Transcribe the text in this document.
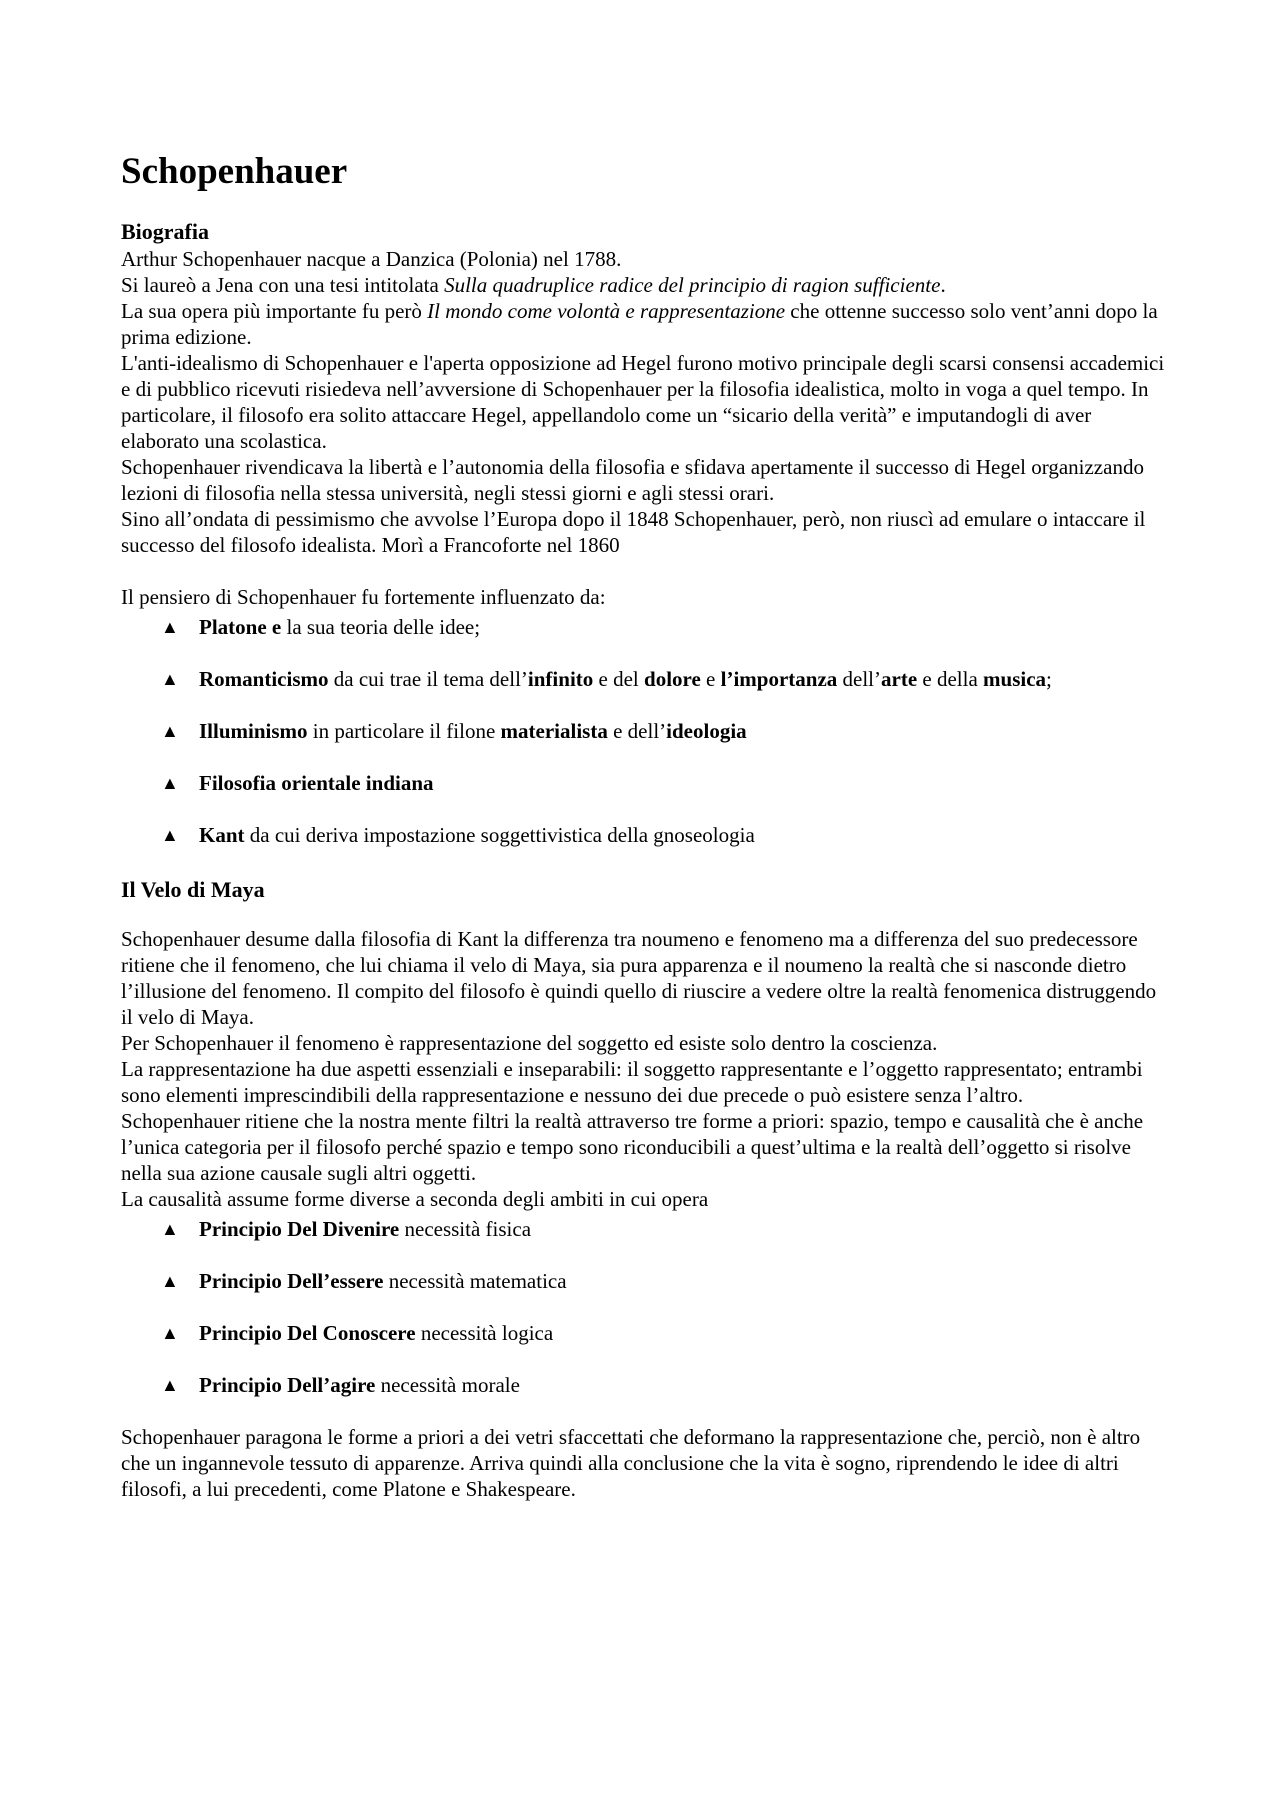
Schopenhauer
Biografia

Arthur Schopenhauer nacque a Danzica (Polonia) nel 1788.

Si laureò a Jena con una tesi intitolata Sulla quadruplice radice del principio di ragion sufficiente.

La sua opera più importante fu però Il mondo come volontà e rappresentazione che ottenne successo solo vent’anni dopo la prima edizione.

L'anti-idealismo di Schopenhauer e l'aperta opposizione ad Hegel furono motivo principale degli scarsi consensi accademici e di pubblico ricevuti risiedeva nell’avversione di Schopenhauer per la filosofia idealistica, molto in voga a quel tempo. In particolare, il filosofo era solito attaccare Hegel, appellandolo come un “sicario della verità” e imputandogli di aver elaborato una scolastica.

Schopenhauer rivendicava la libertà e l’autonomia della filosofia e sfidava apertamente il successo di Hegel organizzando lezioni di filosofia nella stessa università, negli stessi giorni e agli stessi orari.

Sino all’ondata di pessimismo che avvolse l’Europa dopo il 1848 Schopenhauer, però, non riuscì ad emulare o intaccare il successo del filosofo idealista. Morì a Francoforte nel 1860

Il pensiero di Schopenhauer fu fortemente influenzato da:

▲ Platone e la sua teoria delle idee;
▲ Romanticismo da cui trae il tema dell’infinito e del dolore e l’importanza dell’arte e della musica;
▲ Illuminismo in particolare il filone materialista e dell’ideologia
▲ Filosofia orientale indiana
▲ Kant da cui deriva impostazione soggettivistica della gnoseologia
Il Velo di Maya

Schopenhauer desume dalla filosofia di Kant la differenza tra noumeno e fenomeno ma a differenza del suo predecessore ritiene che il fenomeno, che lui chiama il velo di Maya, sia pura apparenza e il noumeno la realtà che si nasconde dietro l’illusione del fenomeno. Il compito del filosofo è quindi quello di riuscire a vedere oltre la realtà fenomenica distruggendo il velo di Maya.

Per Schopenhauer il fenomeno è rappresentazione del soggetto ed esiste solo dentro la coscienza.

La rappresentazione ha due aspetti essenziali e inseparabili: il soggetto rappresentante e l’oggetto rappresentato; entrambi sono elementi imprescindibili della rappresentazione e nessuno dei due precede o può esistere senza l’altro.

Schopenhauer ritiene che la nostra mente filtri la realtà attraverso tre forme a priori: spazio, tempo e causalità che è anche l’unica categoria per il filosofo perché spazio e tempo sono riconducibili a quest’ultima e la realtà dell’oggetto si risolve nella sua azione causale sugli altri oggetti.

La causalità assume forme diverse a seconda degli ambiti in cui opera

▲ Principio Del Divenire necessità fisica
▲ Principio Dell’essere necessità matematica
▲ Principio Del Conoscere necessità logica
▲ Principio Dell’agire necessità morale

Schopenhauer paragona le forme a priori a dei vetri sfaccettati che deformano la rappresentazione che, perciò, non è altro che un ingannevole tessuto di apparenze. Arriva quindi alla conclusione che la vita è sogno, riprendendo le idee di altri filosofi, a lui precedenti, come Platone e Shakespeare.
